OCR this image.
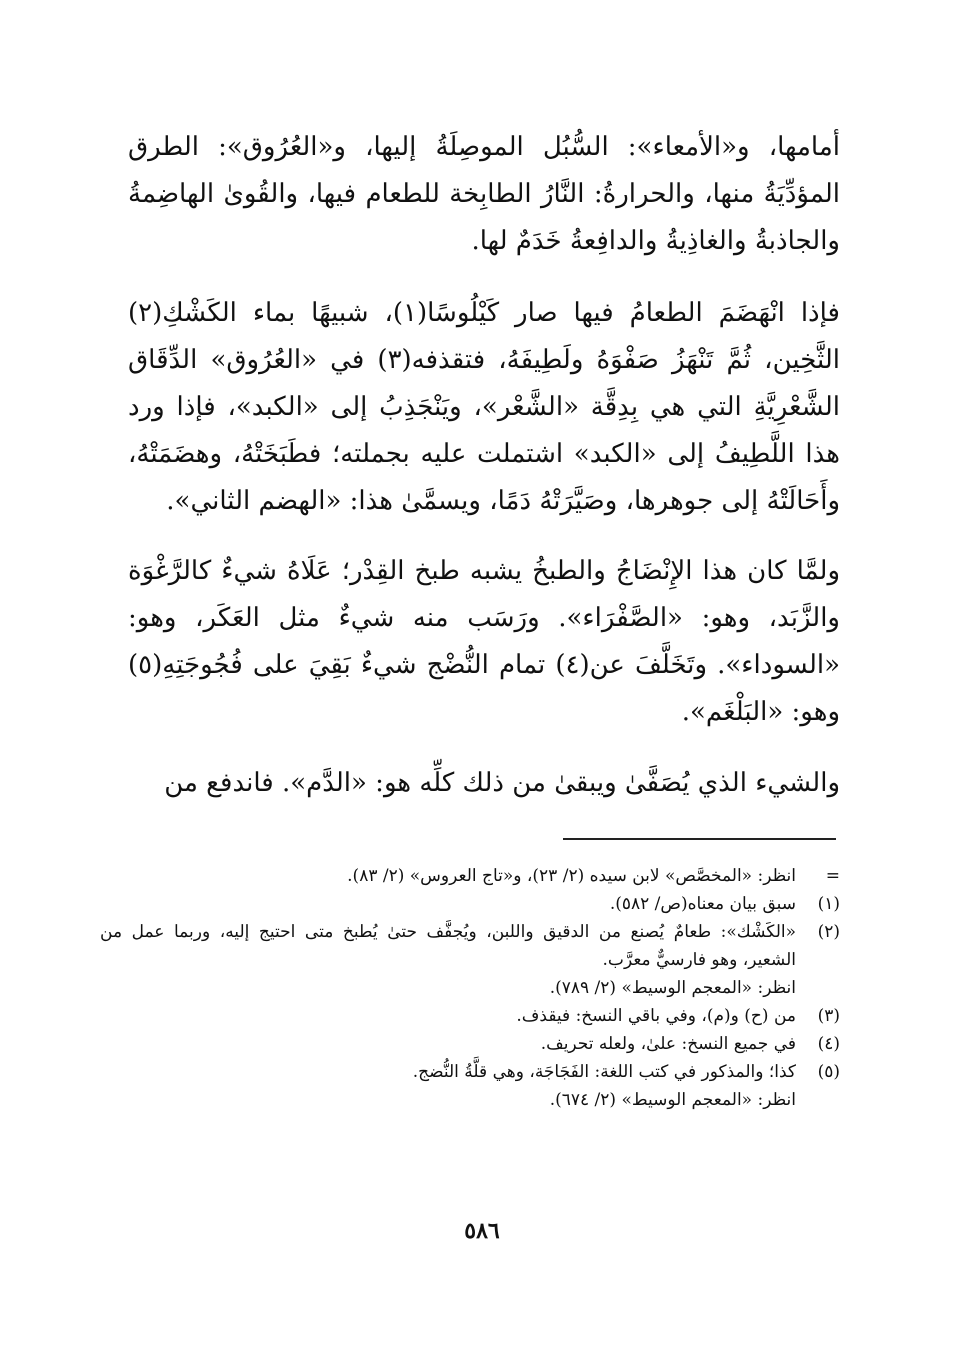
أمامها، و«الأمعاء»: السُّبُل الموصِلَةُ إليها، و«العُرُوق»: الطرق المؤدِّيَةُ منها، والحرارةُ: النَّارُ الطابِخة للطعام فيها، والقُوىٰ الهاضِمةُ والجاذبةُ والغاذِيةُ والدافِعةُ خَدَمٌ لها.

فإذا انْهَضَمَ الطعامُ فيها صار كَيْلُوسًا(١)، شبيهًا بماء الكَشْكِ(٢) الثَّخِين، ثُمَّ تَنْهَزُ صَفْوَهُ ولَطِيفَهُ، فتقذفه(٣) في «العُرُوق» الدِّقَاق الشَّعْرِيَّةِ التي هي بِدِقَّة «الشَّعْر»، ويَنْجَذِبُ إلى «الكبد»، فإذا ورد هذا اللَّطِيفُ إلى «الكبد» اشتملت عليه بجملته؛ فطَبَخَتْهُ، وهضَمَتْهُ، وأَحَالَتْهُ إلى جوهرها، وصَيَّرَتْهُ دَمًا، ويسمَّىٰ هذا: «الهضم الثاني».

ولمَّا كان هذا الإِنْضَاجُ والطبخُ يشبه طبخ القِدْر؛ عَلَاهُ شيءٌ كالرَّغْوَة والزَّبَد، وهو: «الصَّفْرَاء». ورَسَب منه شيءٌ مثل العَكَر، وهو: «السوداء». وتَخَلَّفَ عن(٤) تمام النُّضْج شيءٌ بَقِيَ على فُجُوجَتِهِ(٥) وهو: «البَلْغَم».

والشيء الذي يُصَفَّىٰ ويبقىٰ من ذلك كلِّه هو: «الدَّم». فاندفع من

=
انظر: «المخصَّص» لابن سيده (٢/ ٢٣)، و«تاج العروس» (٢/ ٨٣).
(١)
سبق بيان معناه(ص/ ٥٨٢).
(٢)
«الكَشْك»: طعامٌ يُصنع من الدقيق واللبن، ويُجفَّف حتىٰ يُطبخ متى احتيج إليه، وربما عمل من الشعير، وهو فارسيٌّ معرَّب.
انظر: «المعجم الوسيط» (٢/ ٧٨٩).
(٣)
من (ح) و(م)، وفي باقي النسخ: فيقذف.
(٤)
في جميع النسخ: علىٰ، ولعله تحريف.
(٥)
كذا؛ والمذكور في كتب اللغة: الفَجَاجَة، وهي قلَّةُ النُّضج.
انظر: «المعجم الوسيط» (٢/ ٦٧٤).
٥٨٦
